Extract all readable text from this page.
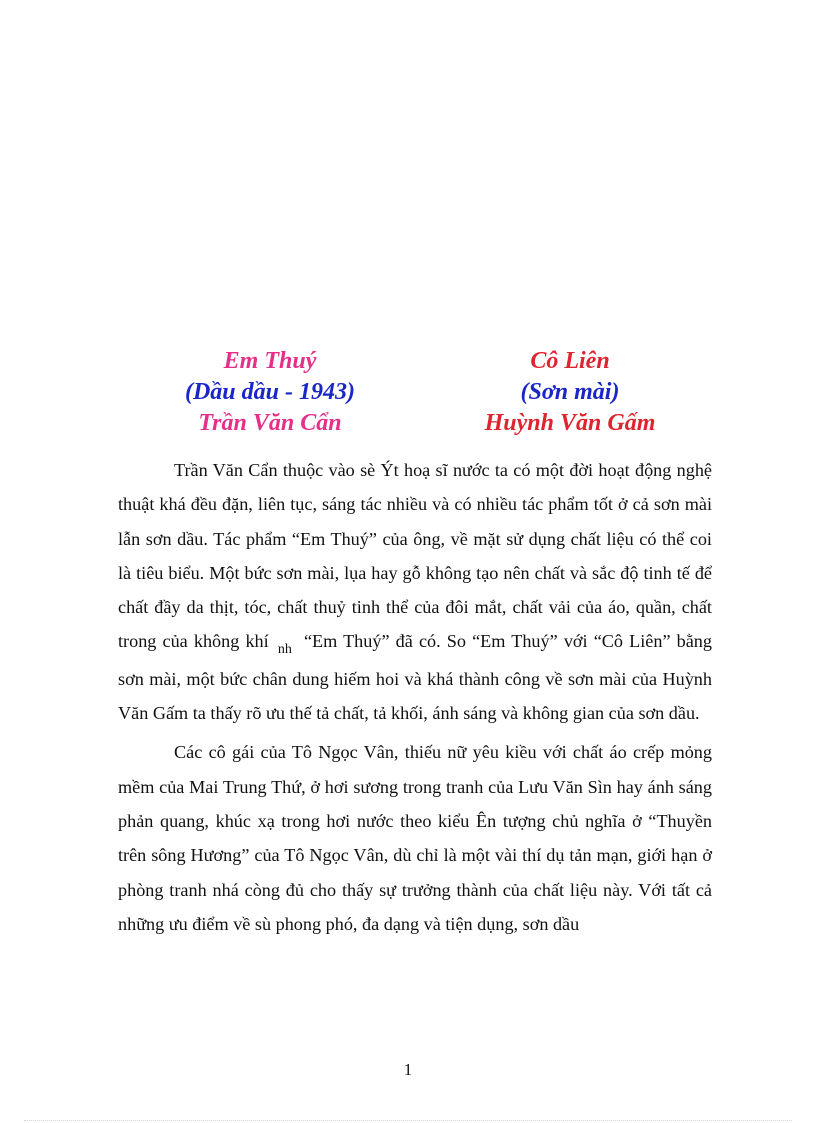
Em Thuý
(Dầu dầu - 1943)
Trần Văn Cẩn
Cô Liên
(Sơn mài)
Huỳnh Văn Gấm

Trần Văn Cẩn thuộc vào sè Ýt hoạ sĩ nước ta có một đời hoạt động nghệ thuật khá đều đặn, liên tục, sáng tác nhiều và có nhiều tác phẩm tốt ở cả sơn mài lẫn sơn dầu. Tác phẩm “Em Thuý” của ông, về mặt sử dụng chất liệu có thể coi là tiêu biểu. Một bức sơn mài, lụa hay gỗ không tạo nên chất và sắc độ tinh tế để chất đầy da thịt, tóc, chất thuỷ tinh thể của đôi mắt, chất vải của áo, quần, chất trong của không khí $_{nh}$ “Em Thuý” đã có. So “Em Thuý” với “Cô Liên” bằng sơn mài, một bức chân dung hiếm hoi và khá thành công về sơn mài của Huỳnh Văn Gấm ta thấy rõ ưu thế tả chất, tả khối, ánh sáng và không gian của sơn dầu.

Các cô gái của Tô Ngọc Vân, thiếu nữ yêu kiều với chất áo crếp mỏng mềm của Mai Trung Thứ, ở hơi sương trong tranh của Lưu Văn Sìn hay ánh sáng phản quang, khúc xạ trong hơi nước theo kiểu Ên tượng chủ nghĩa ở “Thuyền trên sông Hương” của Tô Ngọc Vân, dù chỉ là một vài thí dụ tản mạn, giới hạn ở phòng tranh nhá còng đủ cho thấy sự trưởng thành của chất liệu này. Với tất cả những ưu điểm về sù phong phó, đa dạng và tiện dụng, sơn dầu

1
